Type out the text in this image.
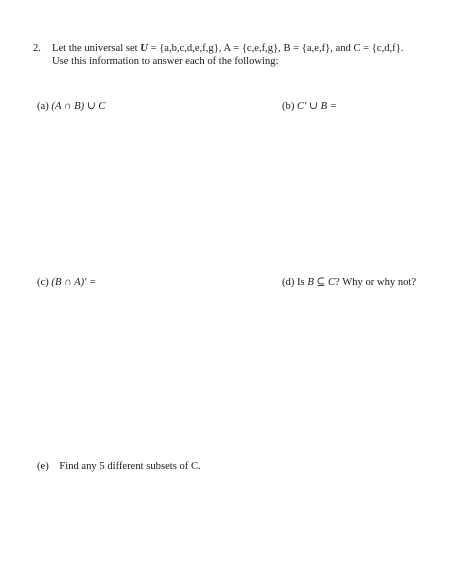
2. Let the universal set U = {a,b,c,d,e,f,g}, A = {c,e,f,g}, B = {a,e,f}, and C = {c,d,f}.
Use this information to answer each of the following:
(a) (A ∩ B) ∪ C	(b) C′ ∪ B =
(c) (B ∩ A)′ =	(d) Is B ⊆ C? Why or why not?
(e) Find any 5 different subsets of C.
